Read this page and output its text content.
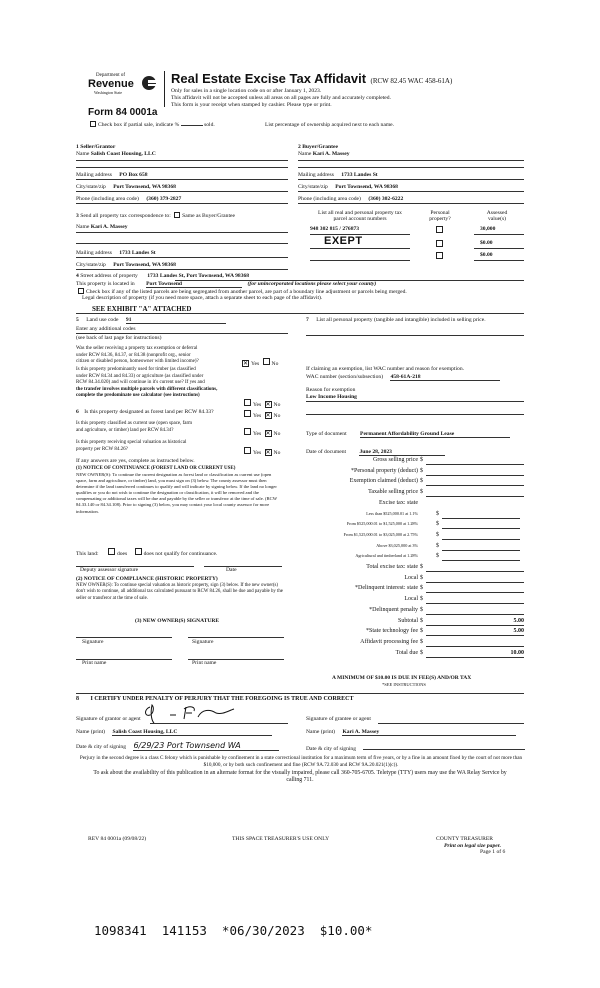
Department of
Revenue
Washington State
Real Estate Excise Tax Affidavit (RCW 82.45 WAC 458-61A)
Only for sales in a single location code on or after January 1, 2023.
This affidavit will not be accepted unless all areas on all pages are fully and accurately completed.
This form is your receipt when stamped by cashier. Please type or print.
Form 84 0001a
Check box if partial sale, indicate %	sold.	List percentage of ownership acquired next to each name.
1 Seller/Grantor
Name Salish Coast Housing, LLC
Mailing address PO Box 658
City/state/zip Port Townsend, WA 98368
Phone (including area code) (360) 379-2827
2 Buyer/Grantee
Name Kari A. Massey
Mailing address 1733 Landes St
City/state/zip Port Townsend, WA 98368
Phone (including area code) (360) 302-6222
3 Send all property tax correspondence to: Same as Buyer/Grantee
Name Kari A. Massey
Mailing address 1733 Landes St
City/state/zip Port Townsend, WA 98368
List all real and personal property tax
parcel account numbers
Personal
property?
Assessed
value(s)
948 302 815 / 276873	30,000
EXEPT	$0.00
$0.00
4 Street address of property 1733 Landes St, Port Townsend, WA 98368
This property is located in Port Townsend	(for unincorporated locations please select your county)
Check box if any of the listed parcels are being segregated from another parcel, are part of a boundary line adjustment or parcels being merged.
Legal description of property (if you need more space, attach a separate sheet to each page of the affidavit).
SEE EXHIBIT "A" ATTACHED
5 Land use code 91
Enter any additional codes
(see back of last page for instructions)
Was the seller receiving a property tax exemption or deferral
under RCW 84.36, 84.37, or 84.38 (nonprofit org., senior
citizen or disabled person, homeowner with limited income)?	✕ Yes No
Is this property predominantly used for timber (as classified
under RCW 84.34 and 84.33) or agriculture (as classified under
RCW 84.34.020) and will continue in it's current use? If yes and
the transfer involves multiple parcels with different classifications,
complete the predominate use calculator (see instructions)
Yes ✕ No
6 Is this property designated as forest land per RCW 84.33?
Yes ✕ No
Is this property classified as current use (open space, farm
and agriculture, or timber) land per RCW 84.34?
Yes ✕ No
Is this property receiving special valuation as historical
property per RCW 84.26?
Yes ✕ No
If any answers are yes, complete as instructed below.
(1) NOTICE OF CONTINUANCE (FOREST LAND OR CURRENT USE)
NEW OWNER(S): To continue the current designation as forest land or classification as current use (open space, farm and agriculture, or timber) land, you must sign on (3) below. The county assessor must then determine if the land transferred continues to qualify and will indicate by signing below. If the land no longer qualifies or you do not wish to continue the designation or classification, it will be removed and the compensating or additional taxes will be due and payable by the seller or transferor at the time of sale. (RCW 84.33.140 or 84.34.108). Prior to signing (3) below, you may contact your local county assessor for more information.
This land:	does	does not qualify for continuance.
Deputy assessor signature	Date
(2) NOTICE OF COMPLIANCE (HISTORIC PROPERTY)
NEW OWNER(S): To continue special valuation as historic property, sign (3) below. If the new owner(s) don't wish to continue, all additional tax calculated pursuant to RCW 84.26, shall be due and payable by the seller or transferor at the time of sale.
(3) NEW OWNER(S) SIGNATURE
Signature	Signature
Print name	Print name
7 List all personal property (tangible and intangible) included in selling price.
If claiming an exemption, list WAC number and reason for exemption.
WAC number (section/subsection) 458-61A-218
Reason for exemption
Low Income Housing
Type of document Permanent Affordability Ground Lease
Date of document June 28, 2023
Gross selling price $
*Personal property (deduct) $
Exemption claimed (deduct) $
Taxable selling price $
Excise tax: state
Less than $525,000.01 at 1.1%	$
From $525,000.01 to $1,525,000 at 1.28%	$
From $1,525,000.01 to $3,025,000 at 2.75%	$
Above $3,025,000 at 3%	$
Agricultural and timberland at 1.28%	$
Total excise tax: state $
Local $
*Delinquent interest: state $
Local $
*Delinquent penalty $
Subtotal $	5.00
*State technology fee $	5.00
Affidavit processing fee $
Total due $	10.00
A MINIMUM OF $10.00 IS DUE IN FEE(S) AND/OR TAX
*SEE INSTRUCTIONS
8 I CERTIFY UNDER PENALTY OF PERJURY THAT THE FOREGOING IS TRUE AND CORRECT
Signature of grantor or agent	Signature of grantee or agent
Name (print) Salish Coast Housing, LLC	Name (print) Kari A. Massey
Date & city of signing 6/29/23 Port Townsend WA	Date & city of signing
Perjury in the second degree is a class C felony which is punishable by confinement in a state correctional institution for a maximum term of five years, or by a fine in an amount fixed by the court of not more than $10,000, or by both such confinement and fine (RCW 9A.72.030 and RCW 9A.20.021(1)(c)).
To ask about the availability of this publication in an alternate format for the visually impaired, please call 360-705-6705. Teletype (TTY) users may use the WA Relay Service by calling 711.
REV 84 0001a (09/08/22)	THIS SPACE TREASURER'S USE ONLY	COUNTY TREASURER
Print on legal size paper.
Page 1 of 6
1098341  141153  *06/30/2023  $10.00*
